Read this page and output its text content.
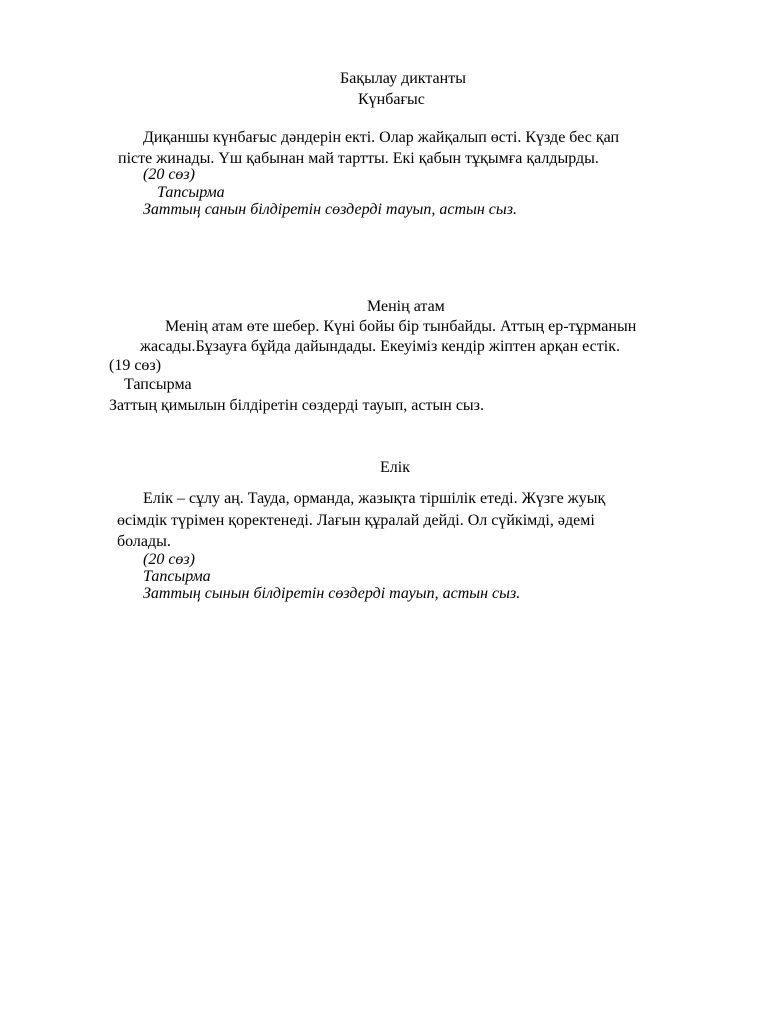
Бақылау диктанты

Күнбағыс

Диқаншы күнбағыс дәндерін екті. Олар жайқалып өсті. Күзде бес қап

пісте жинады. Үш қабынан май тартты. Екі қабын тұқымға қалдырды.

(20 сөз)

Тапсырма

Заттың санын білдіретін сөздерді тауып, астын сыз.

Менің атам

Менің атам өте шебер. Күні бойы бір тынбайды. Аттың ер-тұрманын

жасады.Бұзауға бұйда дайындады. Екеуіміз кендір жіптен арқан естік.

(19 сөз)

Тапсырма

Заттың қимылын білдіретін сөздерді тауып, астын сыз.

Елік

Елік – сұлу аң. Тауда, орманда, жазықта тіршілік етеді. Жүзге жуық

өсімдік түрімен қоректенеді. Лағын құралай дейді. Ол сүйкімді, әдемі

болады.

(20 сөз)

Тапсырма

Заттың сынын білдіретін сөздерді тауып, астын сыз.
